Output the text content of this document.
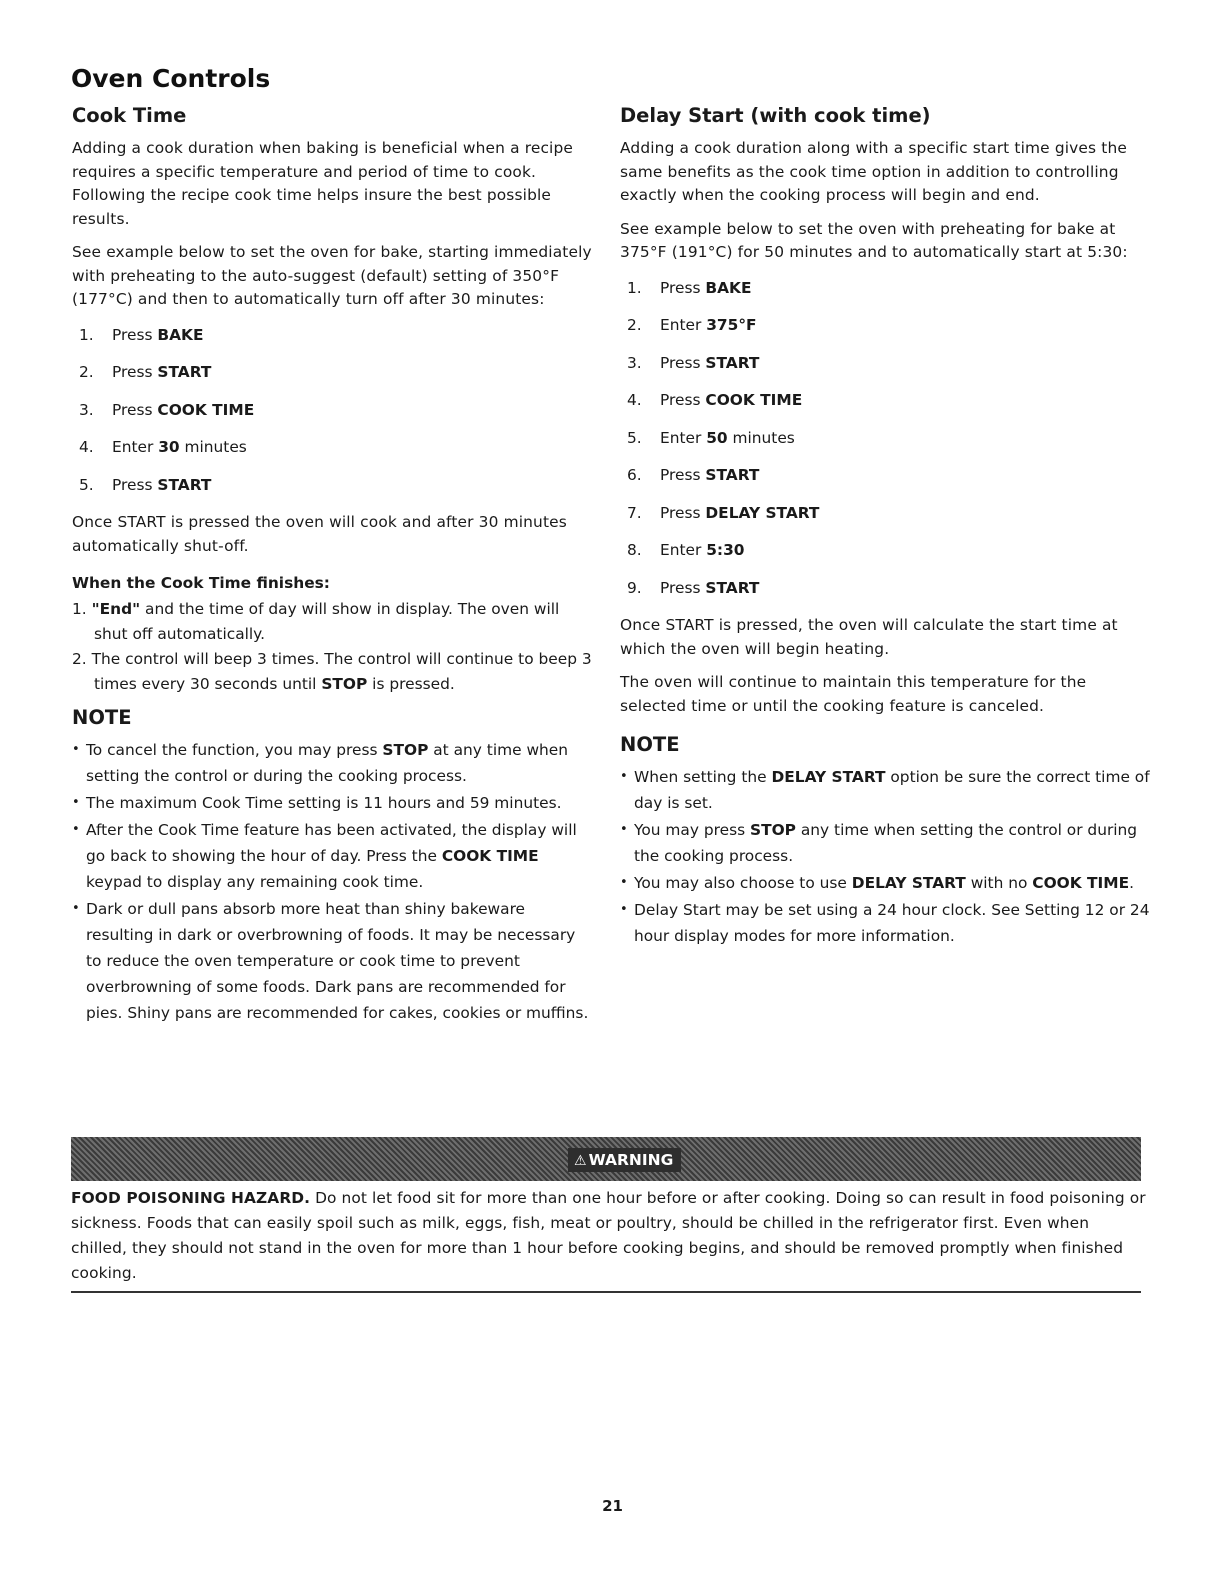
Oven Controls
Cook Time

Adding a cook duration when baking is beneficial when a recipe requires a specific temperature and period of time to cook. Following the recipe cook time helps insure the best possible results.

See example below to set the oven for bake, starting immediately with preheating to the auto-suggest (default) setting of 350°F (177°C) and then to automatically turn off after 30 minutes:

1. Press BAKE
2. Press START
3. Press COOK TIME
4. Enter 30 minutes
5. Press START

Once START is pressed the oven will cook and after 30 minutes automatically shut-off.

When the Cook Time finishes:
1. "End" and the time of day will show in display. The oven will shut off automatically.
2. The control will beep 3 times. The control will continue to beep 3 times every 30 seconds until STOP is pressed.
NOTE
• To cancel the function, you may press STOP at any time when setting the control or during the cooking process.
• The maximum Cook Time setting is 11 hours and 59 minutes.
• After the Cook Time feature has been activated, the display will go back to showing the hour of day. Press the COOK TIME keypad to display any remaining cook time.
• Dark or dull pans absorb more heat than shiny bakeware resulting in dark or overbrowning of foods. It may be necessary to reduce the oven temperature or cook time to prevent overbrowning of some foods. Dark pans are recommended for pies. Shiny pans are recommended for cakes, cookies or muffins.
Delay Start (with cook time)

Adding a cook duration along with a specific start time gives the same benefits as the cook time option in addition to controlling exactly when the cooking process will begin and end.

See example below to set the oven with preheating for bake at 375°F (191°C) for 50 minutes and to automatically start at 5:30:

1. Press BAKE
2. Enter 375°F
3. Press START
4. Press COOK TIME
5. Enter 50 minutes
6. Press START
7. Press DELAY START
8. Enter 5:30
9. Press START

Once START is pressed, the oven will calculate the start time at which the oven will begin heating.

The oven will continue to maintain this temperature for the selected time or until the cooking feature is canceled.

NOTE
• When setting the DELAY START option be sure the correct time of day is set.
• You may press STOP any time when setting the control or during the cooking process.
• You may also choose to use DELAY START with no COOK TIME.
• Delay Start may be set using a 24 hour clock. See Setting 12 or 24 hour display modes for more information.
⚠ WARNING

FOOD POISONING HAZARD. Do not let food sit for more than one hour before or after cooking. Doing so can result in food poisoning or sickness. Foods that can easily spoil such as milk, eggs, fish, meat or poultry, should be chilled in the refrigerator first. Even when chilled, they should not stand in the oven for more than 1 hour before cooking begins, and should be removed promptly when finished cooking.

21
